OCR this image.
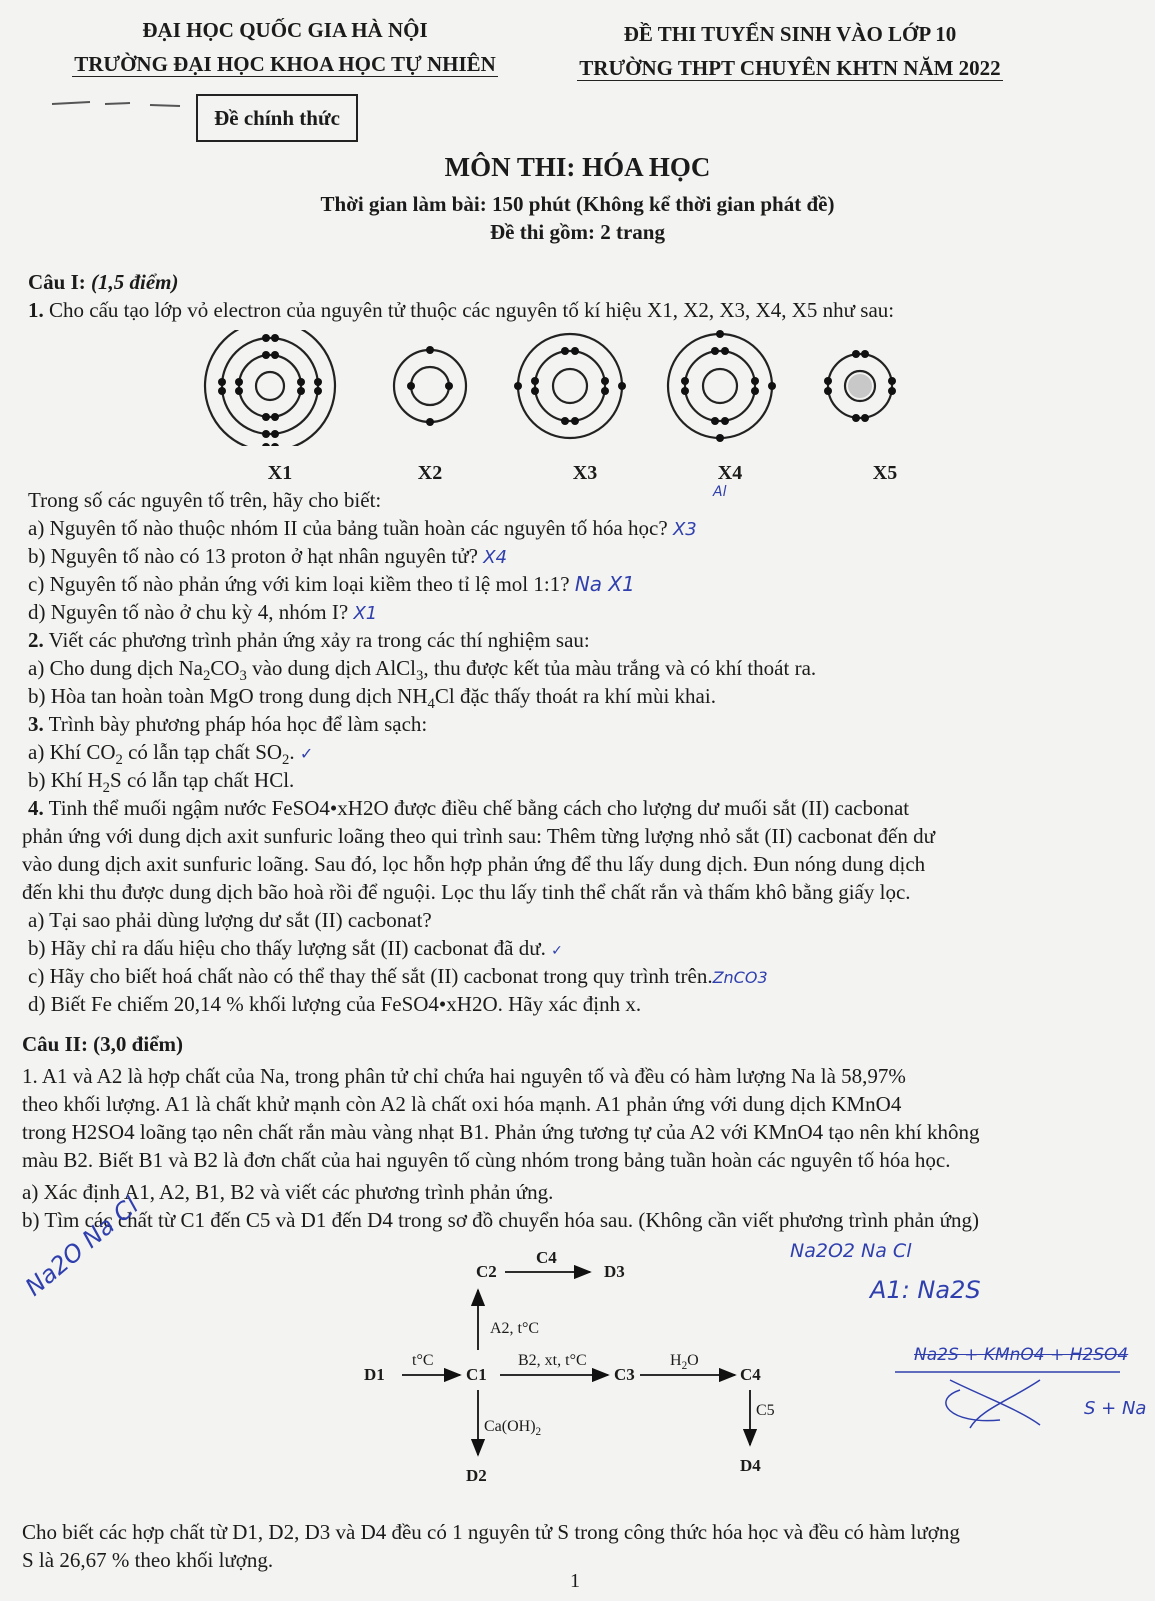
ĐẠI HỌC QUỐC GIA HÀ NỘI
TRƯỜNG ĐẠI HỌC KHOA HỌC TỰ NHIÊN
ĐỀ THI TUYỂN SINH VÀO LỚP 10
TRƯỜNG THPT CHUYÊN KHTN NĂM 2022
Đề chính thức
MÔN THI: HÓA HỌC
Thời gian làm bài: 150 phút (Không kể thời gian phát đề)
Đề thi gồm: 2 trang
Câu I: (1,5 điểm)
1. Cho cấu tạo lớp vỏ electron của nguyên tử thuộc các nguyên tố kí hiệu X1, X2, X3, X4, X5 như sau:
X1	X2	X3	X4	X5
Al
Trong số các nguyên tố trên, hãy cho biết:
a) Nguyên tố nào thuộc nhóm II của bảng tuần hoàn các nguyên tố hóa học? X3
b) Nguyên tố nào có 13 proton ở hạt nhân nguyên tử? X4
c) Nguyên tố nào phản ứng với kim loại kiềm theo tỉ lệ mol 1:1? Na X1
d) Nguyên tố nào ở chu kỳ 4, nhóm I? X1
2. Viết các phương trình phản ứng xảy ra trong các thí nghiệm sau:
a) Cho dung dịch $Na_2CO_3$ vào dung dịch AlCl$_3$, thu được kết tủa màu trắng và có khí thoát ra.
b) Hòa tan hoàn toàn MgO trong dung dịch $NH_4Cl$ đặc thấy thoát ra khí mùi khai.
3. Trình bày phương pháp hóa học để làm sạch:
a) Khí $CO_2$ có lẫn tạp chất $SO_2$. ✓
b) Khí $H_2S$ có lẫn tạp chất HCl.
4. Tinh thể muối ngậm nước FeSO4•xH2O được điều chế bằng cách cho lượng dư muối sắt (II) cacbonat
phản ứng với dung dịch axit sunfuric loãng theo qui trình sau: Thêm từng lượng nhỏ sắt (II) cacbonat đến dư
vào dung dịch axit sunfuric loãng. Sau đó, lọc hỗn hợp phản ứng để thu lấy dung dịch. Đun nóng dung dịch
đến khi thu được dung dịch bão hoà rồi để nguội. Lọc thu lấy tinh thể chất rắn và thấm khô bằng giấy lọc.
a) Tại sao phải dùng lượng dư sắt (II) cacbonat?
b) Hãy chỉ ra dấu hiệu cho thấy lượng sắt (II) cacbonat đã dư. ✓
c) Hãy cho biết hoá chất nào có thể thay thế sắt (II) cacbonat trong quy trình trên.ZnCO3
d) Biết Fe chiếm 20,14 % khối lượng của FeSO4•xH2O. Hãy xác định x.
Câu II: (3,0 điểm)
1. A1 và A2 là hợp chất của Na, trong phân tử chỉ chứa hai nguyên tố và đều có hàm lượng Na là 58,97%
theo khối lượng. A1 là chất khử mạnh còn A2 là chất oxi hóa mạnh. A1 phản ứng với dung dịch KMnO4
trong H2SO4 loãng tạo nên chất rắn màu vàng nhạt B1. Phản ứng tương tự của A2 với KMnO4 tạo nên khí không
màu B2. Biết B1 và B2 là đơn chất của hai nguyên tố cùng nhóm trong bảng tuần hoàn các nguyên tố hóa học.
a) Xác định A1, A2, B1, B2 và viết các phương trình phản ứng.
b) Tìm các chất từ C1 đến C5 và D1 đến D4 trong sơ đồ chuyển hóa sau. (Không cần viết phương trình phản ứng)
C2
C4
D3
A2, t°C
D1
t°C
C1
B2, xt, t°C
C3
$H_2O$
C4
C5
$Ca(OH)_2$
D2
D4
Na2O2 Na Cl
A1: Na2S
Na2O Na Cl
Na2S + KMnO4 + H2SO4
S + Na
Cho biết các hợp chất từ D1, D2, D3 và D4 đều có 1 nguyên tử S trong công thức hóa học và đều có hàm lượng
S là 26,67 % theo khối lượng.
1
